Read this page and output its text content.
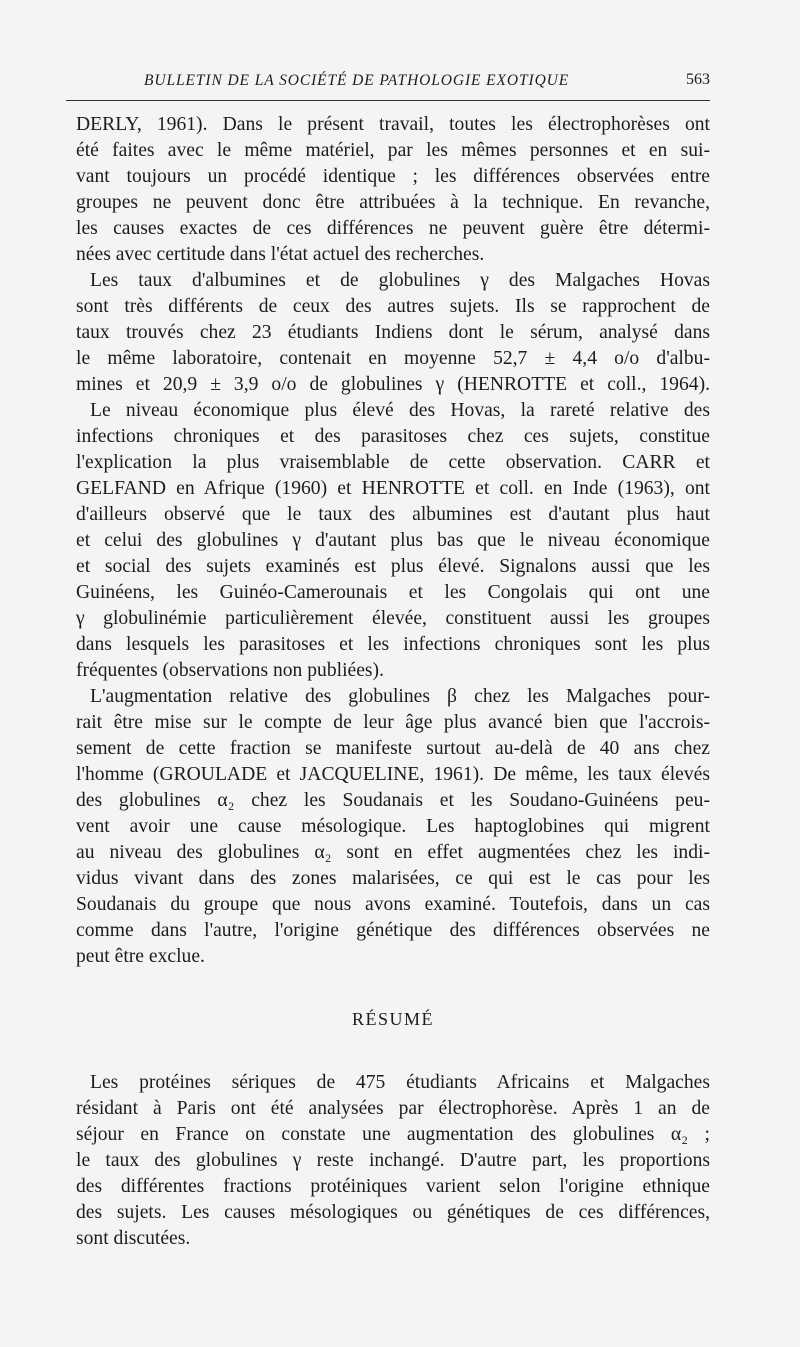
BULLETIN DE LA SOCIÉTÉ DE PATHOLOGIE EXOTIQUE	563
DERLY, 1961). Dans le présent travail, toutes les électrophorèses ont
été faites avec le même matériel, par les mêmes personnes et en sui-
vant toujours un procédé identique ; les différences observées entre
groupes ne peuvent donc être attribuées à la technique. En revanche,
les causes exactes de ces différences ne peuvent guère être détermi-
nées avec certitude dans l'état actuel des recherches.
Les taux d'albumines et de globulines γ des Malgaches Hovas
sont très différents de ceux des autres sujets. Ils se rapprochent de
taux trouvés chez 23 étudiants Indiens dont le sérum, analysé dans
le même laboratoire, contenait en moyenne 52,7 ± 4,4 o/o d'albu-
mines et 20,9 ± 3,9 o/o de globulines γ (HENROTTE et coll., 1964).
Le niveau économique plus élevé des Hovas, la rareté relative des
infections chroniques et des parasitoses chez ces sujets, constitue
l'explication la plus vraisemblable de cette observation. CARR et
GELFAND en Afrique (1960) et HENROTTE et coll. en Inde (1963), ont
d'ailleurs observé que le taux des albumines est d'autant plus haut
et celui des globulines γ d'autant plus bas que le niveau économique
et social des sujets examinés est plus élevé. Signalons aussi que les
Guinéens, les Guinéo-Camerounais et les Congolais qui ont une
γ globulinémie particulièrement élevée, constituent aussi les groupes
dans lesquels les parasitoses et les infections chroniques sont les plus
fréquentes (observations non publiées).
L'augmentation relative des globulines β chez les Malgaches pour-
rait être mise sur le compte de leur âge plus avancé bien que l'accrois-
sement de cette fraction se manifeste surtout au-delà de 40 ans chez
l'homme (GROULADE et JACQUELINE, 1961). De même, les taux élevés
des globulines α₂ chez les Soudanais et les Soudano-Guinéens peu-
vent avoir une cause mésologique. Les haptoglobines qui migrent
au niveau des globulines α₂ sont en effet augmentées chez les indi-
vidus vivant dans des zones malarisées, ce qui est le cas pour les
Soudanais du groupe que nous avons examiné. Toutefois, dans un cas
comme dans l'autre, l'origine génétique des différences observées ne
peut être exclue.
RÉSUMÉ
Les protéines sériques de 475 étudiants Africains et Malgaches
résidant à Paris ont été analysées par électrophorèse. Après 1 an de
séjour en France on constate une augmentation des globulines α₂ ;
le taux des globulines γ reste inchangé. D'autre part, les proportions
des différentes fractions protéiniques varient selon l'origine ethnique
des sujets. Les causes mésologiques ou génétiques de ces différences,
sont discutées.
